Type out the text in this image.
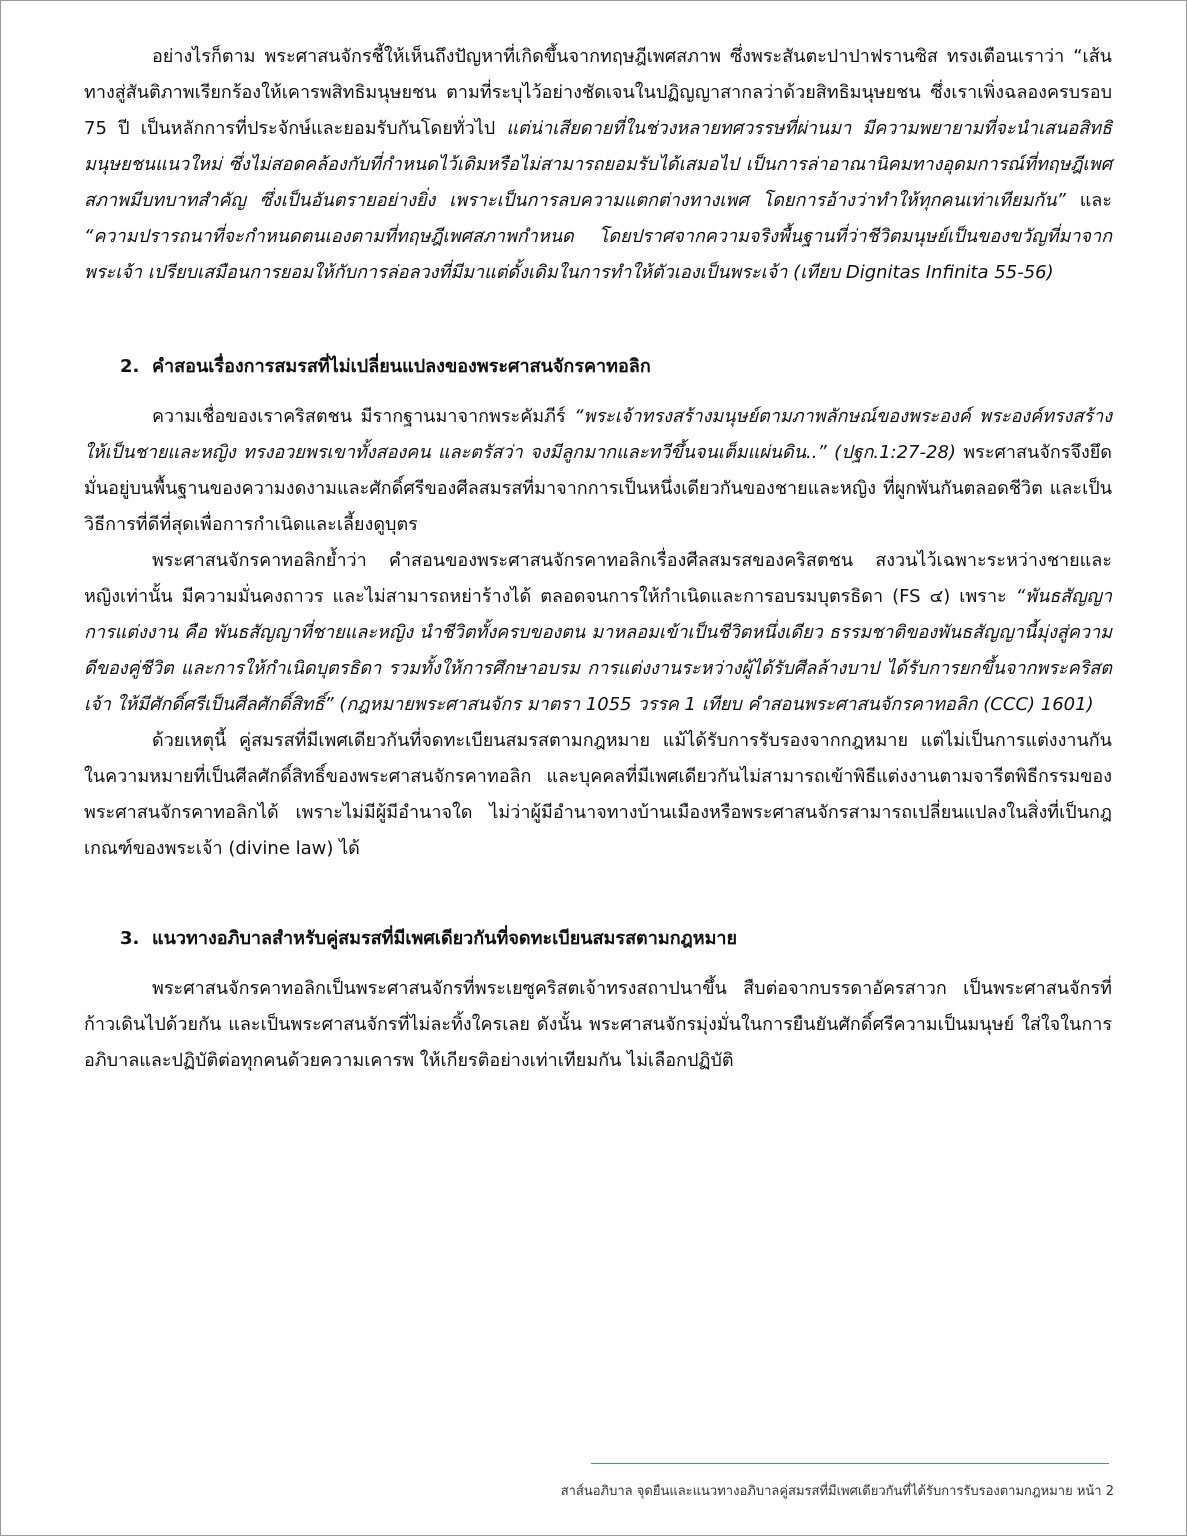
อย่างไรก็ตาม พระศาสนจักรชี้ให้เห็นถึงปัญหาที่เกิดขึ้นจากทฤษฎีเพศสภาพ ซึ่งพระสันตะปาปาฟรานซิส ทรงเตือนเราว่า “เส้นทางสู่สันติภาพเรียกร้องให้เคารพสิทธิมนุษยชน ตามที่ระบุไว้อย่างชัดเจนในปฏิญญาสากลว่าด้วยสิทธิมนุษยชน ซึ่งเราเพิ่งฉลองครบรอบ 75 ปี เป็นหลักการที่ประจักษ์และยอมรับกันโดยทั่วไป แต่น่าเสียดายที่ในช่วงหลายทศวรรษที่ผ่านมา มีความพยายามที่จะนำเสนอสิทธิมนุษยชนแนวใหม่ ซึ่งไม่สอดคล้องกับที่กำหนดไว้เดิมหรือไม่สามารถยอมรับได้เสมอไป เป็นการล่าอาณานิคมทางอุดมการณ์ที่ทฤษฎีเพศสภาพมีบทบาทสำคัญ ซึ่งเป็นอันตรายอย่างยิ่ง เพราะเป็นการลบความแตกต่างทางเพศ โดยการอ้างว่าทำให้ทุกคนเท่าเทียมกัน” และ “ความปรารถนาที่จะกำหนดตนเองตามที่ทฤษฎีเพศสภาพกำหนด โดยปราศจากความจริงพื้นฐานที่ว่าชีวิตมนุษย์เป็นของขวัญที่มาจากพระเจ้า เปรียบเสมือนการยอมให้กับการล่อลวงที่มีมาแต่ดั้งเดิมในการทำให้ตัวเองเป็นพระเจ้า (เทียบ Dignitas Infinita 55-56)

2. คำสอนเรื่องการสมรสที่ไม่เปลี่ยนแปลงของพระศาสนจักรคาทอลิก

ความเชื่อของเราคริสตชน มีรากฐานมาจากพระคัมภีร์ “พระเจ้าทรงสร้างมนุษย์ตามภาพลักษณ์ของพระองค์ พระองค์ทรงสร้างให้เป็นชายและหญิง ทรงอวยพรเขาทั้งสองคน และตรัสว่า จงมีลูกมากและทวีขึ้นจนเต็มแผ่นดิน..” (ปฐก.1:27-28) พระศาสนจักรจึงยึดมั่นอยู่บนพื้นฐานของความงดงามและศักดิ์ศรีของศีลสมรสที่มาจากการเป็นหนึ่งเดียวกันของชายและหญิง ที่ผูกพันกันตลอดชีวิต และเป็นวิธีการที่ดีที่สุดเพื่อการกำเนิดและเลี้ยงดูบุตร

พระศาสนจักรคาทอลิกย้ำว่า คำสอนของพระศาสนจักรคาทอลิกเรื่องศีลสมรสของคริสตชน สงวนไว้เฉพาะระหว่างชายและหญิงเท่านั้น มีความมั่นคงถาวร และไม่สามารถหย่าร้างได้ ตลอดจนการให้กำเนิดและการอบรมบุตรธิดา (FS ๔) เพราะ “พันธสัญญาการแต่งงาน คือ พันธสัญญาที่ชายและหญิง นำชีวิตทั้งครบของตน มาหลอมเข้าเป็นชีวิตหนึ่งเดียว ธรรมชาติของพันธสัญญานี้มุ่งสู่ความดีของคู่ชีวิต และการให้กำเนิดบุตรธิดา รวมทั้งให้การศึกษาอบรม การแต่งงานระหว่างผู้ได้รับศีลล้างบาป ได้รับการยกขึ้นจากพระคริสตเจ้า ให้มีศักดิ์ศรีเป็นศีลศักดิ์สิทธิ์” (กฎหมายพระศาสนจักร มาตรา 1055 วรรค 1 เทียบ คำสอนพระศาสนจักรคาทอลิก (CCC) 1601)

ด้วยเหตุนี้ คู่สมรสที่มีเพศเดียวกันที่จดทะเบียนสมรสตามกฎหมาย แม้ได้รับการรับรองจากกฎหมาย แต่ไม่เป็นการแต่งงานกันในความหมายที่เป็นศีลศักดิ์สิทธิ์ของพระศาสนจักรคาทอลิก และบุคคลที่มีเพศเดียวกันไม่สามารถเข้าพิธีแต่งงานตามจารีตพิธีกรรมของพระศาสนจักรคาทอลิกได้ เพราะไม่มีผู้มีอำนาจใด ไม่ว่าผู้มีอำนาจทางบ้านเมืองหรือพระศาสนจักรสามารถเปลี่ยนแปลงในสิ่งที่เป็นกฎเกณฑ์ของพระเจ้า (divine law) ได้

3. แนวทางอภิบาลสำหรับคู่สมรสที่มีเพศเดียวกันที่จดทะเบียนสมรสตามกฎหมาย

พระศาสนจักรคาทอลิกเป็นพระศาสนจักรที่พระเยซูคริสตเจ้าทรงสถาปนาขึ้น สืบต่อจากบรรดาอัครสาวก เป็นพระศาสนจักรที่ก้าวเดินไปด้วยกัน และเป็นพระศาสนจักรที่ไม่ละทิ้งใครเลย ดังนั้น พระศาสนจักรมุ่งมั่นในการยืนยันศักดิ์ศรีความเป็นมนุษย์ ใส่ใจในการอภิบาลและปฏิบัติต่อทุกคนด้วยความเคารพ ให้เกียรติอย่างเท่าเทียมกัน ไม่เลือกปฏิบัติ

สาส์นอภิบาล จุดยืนและแนวทางอภิบาลคู่สมรสที่มีเพศเดียวกันที่ได้รับการรับรองตามกฎหมาย หน้า 2
